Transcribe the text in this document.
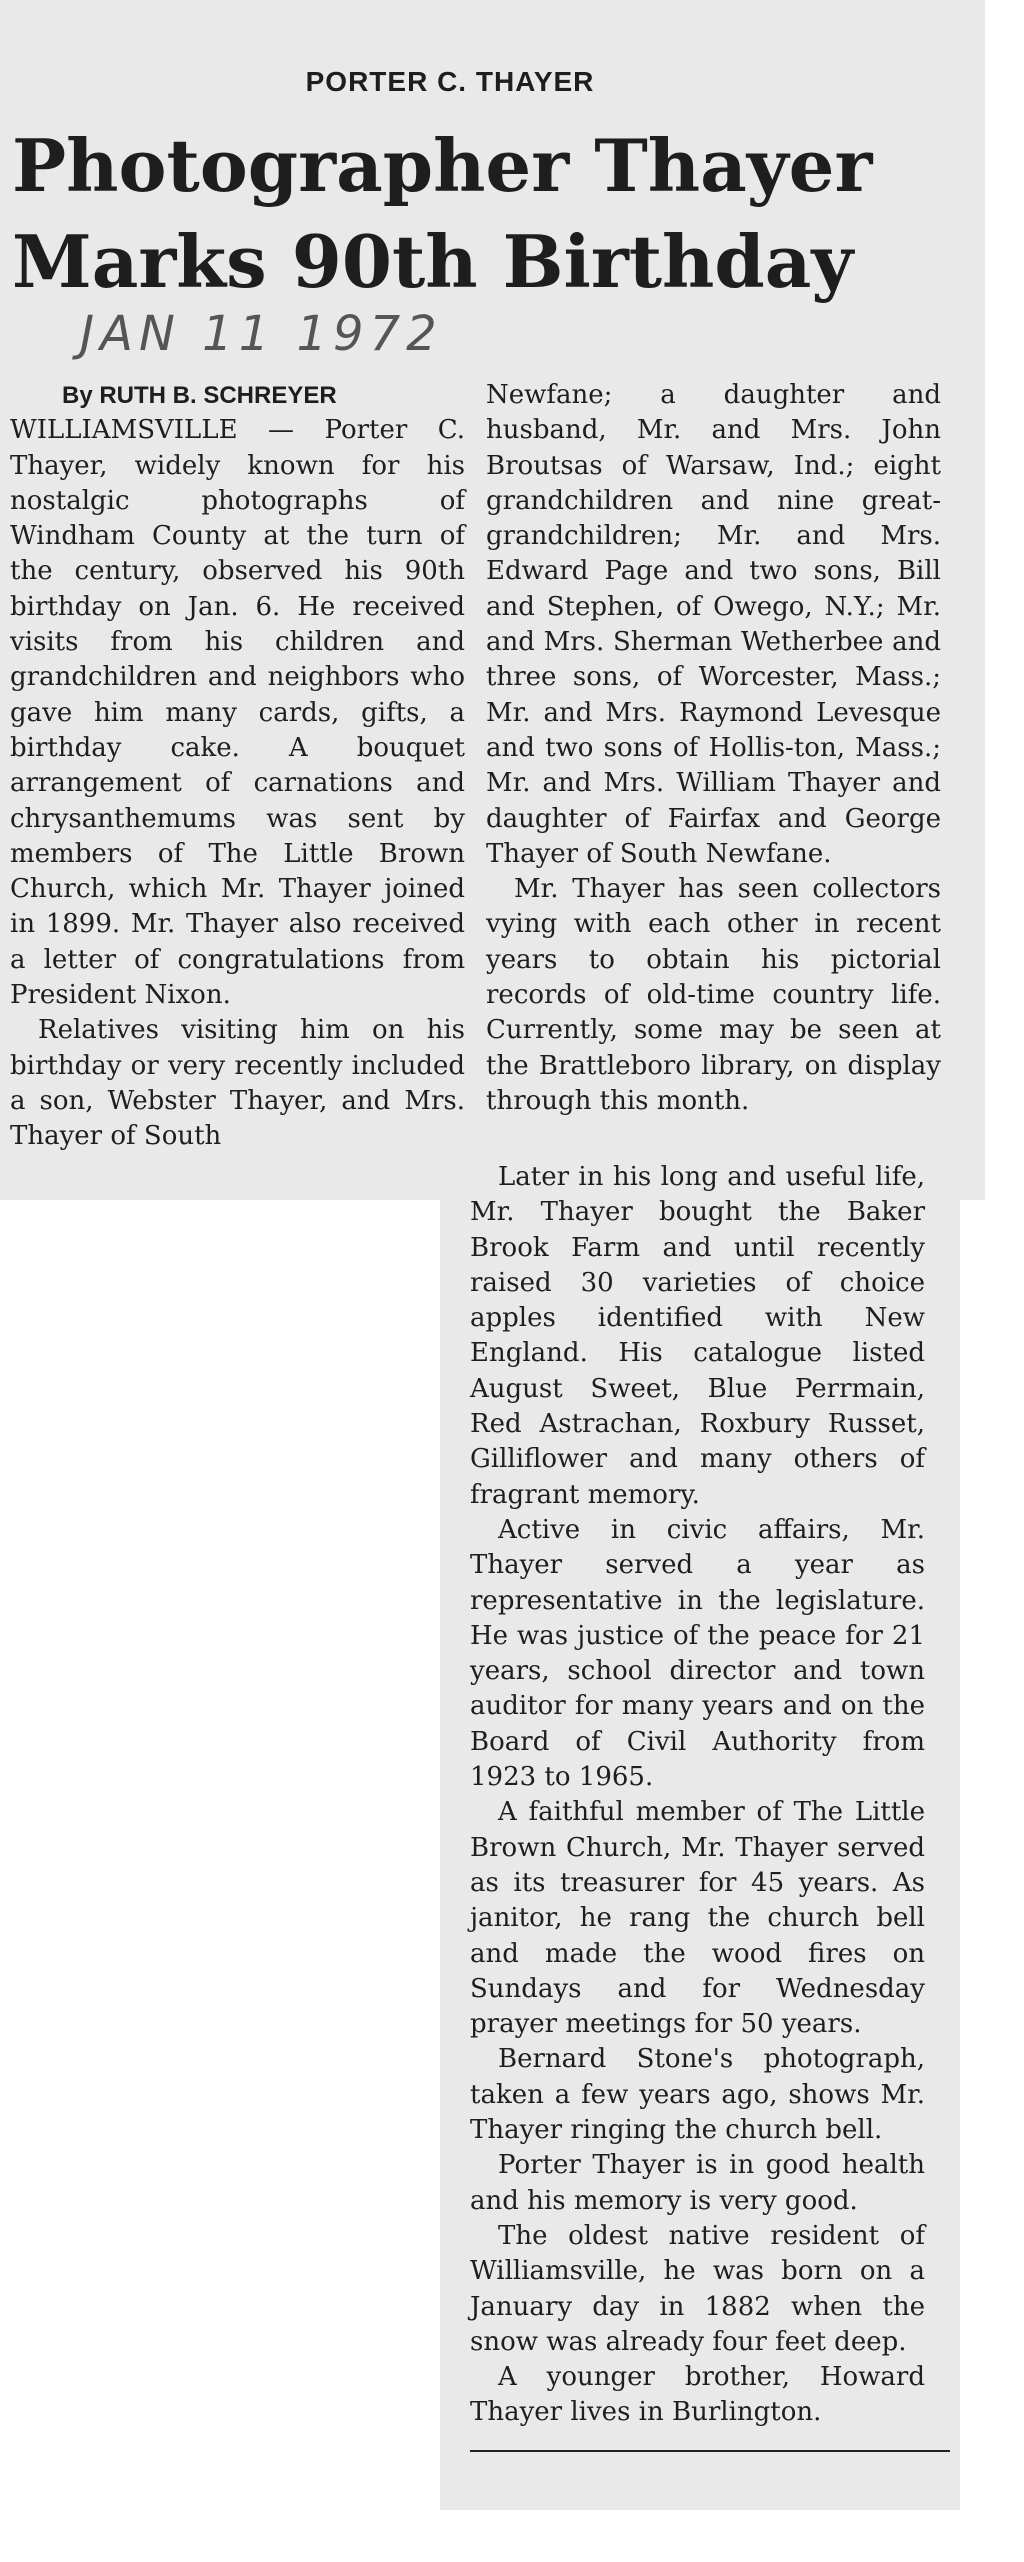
PORTER C. THAYER
Photographer Thayer
Marks 90th Birthday
JAN 11 1972
By RUTH B. SCHREYER

WILLIAMSVILLE — Porter C. Thayer, widely known for his nostalgic photographs of Windham County at the turn of the century, observed his 90th birthday on Jan. 6. He received visits from his children and grandchildren and neighbors who gave him many cards, gifts, a birthday cake. A bouquet arrangement of carnations and chrysanthemums was sent by members of The Little Brown Church, which Mr. Thayer joined in 1899. Mr. Thayer also received a letter of congratulations from President Nixon.

Relatives visiting him on his birthday or very recently included a son, Webster Thayer, and Mrs. Thayer of South

Newfane; a daughter and husband, Mr. and Mrs. John Broutsas of Warsaw, Ind.; eight grandchildren and nine great-grandchildren; Mr. and Mrs. Edward Page and two sons, Bill and Stephen, of Owego, N.Y.; Mr. and Mrs. Sherman Wetherbee and three sons, of Worcester, Mass.; Mr. and Mrs. Raymond Levesque and two sons of Hollis-ton, Mass.; Mr. and Mrs. William Thayer and daughter of Fairfax and George Thayer of South Newfane.

Mr. Thayer has seen collectors vying with each other in recent years to obtain his pictorial records of old-time country life. Currently, some may be seen at the Brattleboro library, on display through this month.

Later in his long and useful life, Mr. Thayer bought the Baker Brook Farm and until recently raised 30 varieties of choice apples identified with New England. His catalogue listed August Sweet, Blue Perrmain, Red Astrachan, Roxbury Russet, Gilliflower and many others of fragrant memory.

Active in civic affairs, Mr. Thayer served a year as representative in the legislature. He was justice of the peace for 21 years, school director and town auditor for many years and on the Board of Civil Authority from 1923 to 1965.

A faithful member of The Little Brown Church, Mr. Thayer served as its treasurer for 45 years. As janitor, he rang the church bell and made the wood fires on Sundays and for Wednesday prayer meetings for 50 years.

Bernard Stone's photograph, taken a few years ago, shows Mr. Thayer ringing the church bell.

Porter Thayer is in good health and his memory is very good.

The oldest native resident of Williamsville, he was born on a January day in 1882 when the snow was already four feet deep.

A younger brother, Howard Thayer lives in Burlington.
